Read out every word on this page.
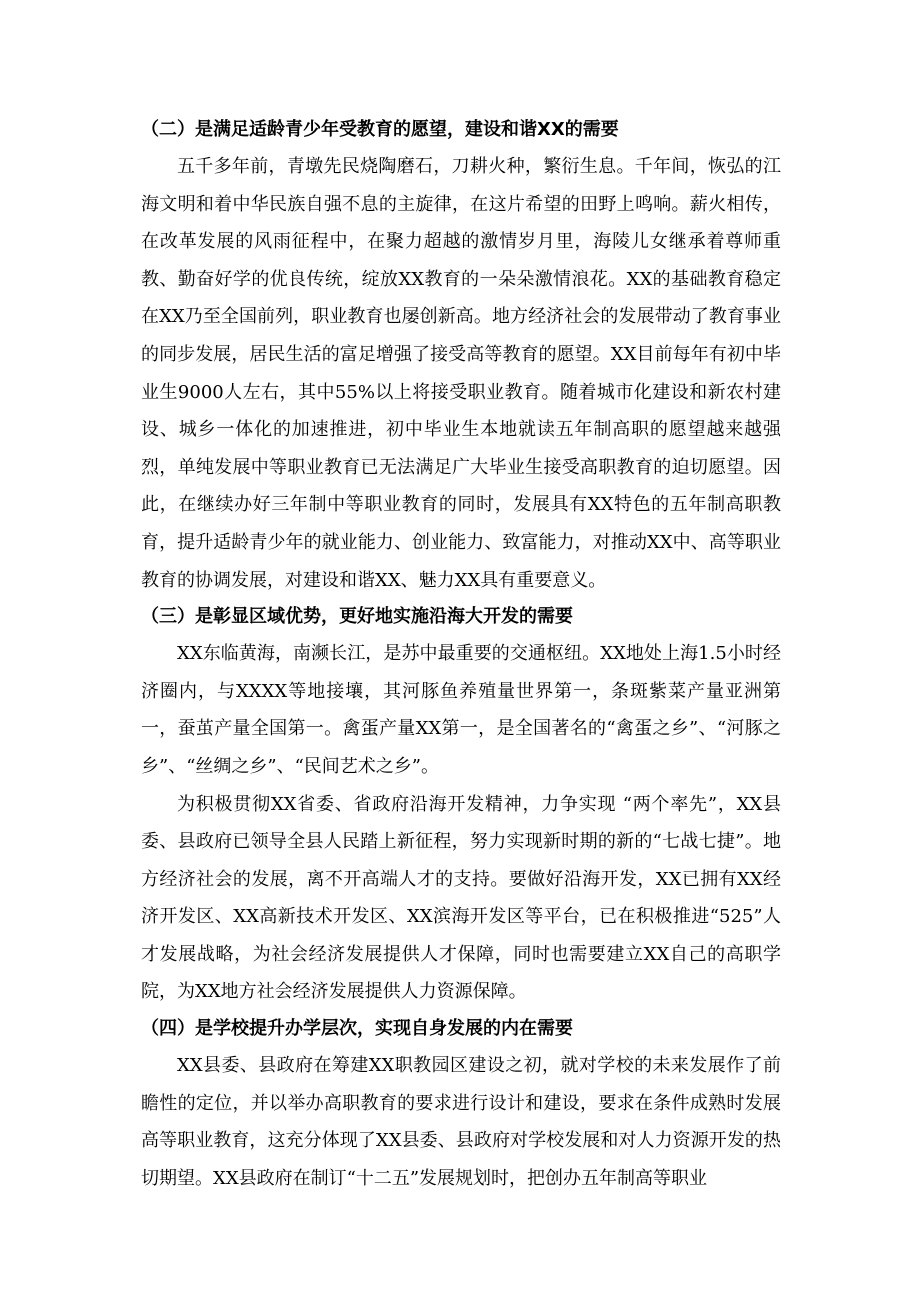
（二）是满足适龄青少年受教育的愿望，建设和谐XX的需要

五千多年前，青墩先民烧陶磨石，刀耕火种，繁衍生息。千年间，恢弘的江海文明和着中华民族自强不息的主旋律，在这片希望的田野上鸣响。薪火相传，在改革发展的风雨征程中，在聚力超越的激情岁月里，海陵儿女继承着尊师重教、勤奋好学的优良传统，绽放XX教育的一朵朵激情浪花。XX的基础教育稳定在XX乃至全国前列，职业教育也屡创新高。地方经济社会的发展带动了教育事业的同步发展，居民生活的富足增强了接受高等教育的愿望。XX目前每年有初中毕业生9000人左右，其中55%以上将接受职业教育。随着城市化建设和新农村建设、城乡一体化的加速推进，初中毕业生本地就读五年制高职的愿望越来越强烈，单纯发展中等职业教育已无法满足广大毕业生接受高职教育的迫切愿望。因此，在继续办好三年制中等职业教育的同时，发展具有XX特色的五年制高职教育，提升适龄青少年的就业能力、创业能力、致富能力，对推动XX中、高等职业教育的协调发展，对建设和谐XX、魅力XX具有重要意义。

（三）是彰显区域优势，更好地实施沿海大开发的需要

XX东临黄海，南濒长江，是苏中最重要的交通枢纽。XX地处上海1.5小时经济圈内，与XXXX等地接壤，其河豚鱼养殖量世界第一，条斑紫菜产量亚洲第一，蚕茧产量全国第一。禽蛋产量XX第一，是全国著名的“禽蛋之乡”、“河豚之乡”、“丝绸之乡”、“民间艺术之乡”。

为积极贯彻XX省委、省政府沿海开发精神，力争实现 “两个率先”，XX县委、县政府已领导全县人民踏上新征程，努力实现新时期的新的“七战七捷”。地方经济社会的发展，离不开高端人才的支持。要做好沿海开发，XX已拥有XX经济开发区、XX高新技术开发区、XX滨海开发区等平台，已在积极推进“525”人才发展战略，为社会经济发展提供人才保障，同时也需要建立XX自己的高职学院，为XX地方社会经济发展提供人力资源保障。

（四）是学校提升办学层次，实现自身发展的内在需要

XX县委、县政府在筹建XX职教园区建设之初，就对学校的未来发展作了前瞻性的定位，并以举办高职教育的要求进行设计和建设，要求在条件成熟时发展高等职业教育，这充分体现了XX县委、县政府对学校发展和对人力资源开发的热切期望。XX县政府在制订“十二五”发展规划时，把创办五年制高等职业
